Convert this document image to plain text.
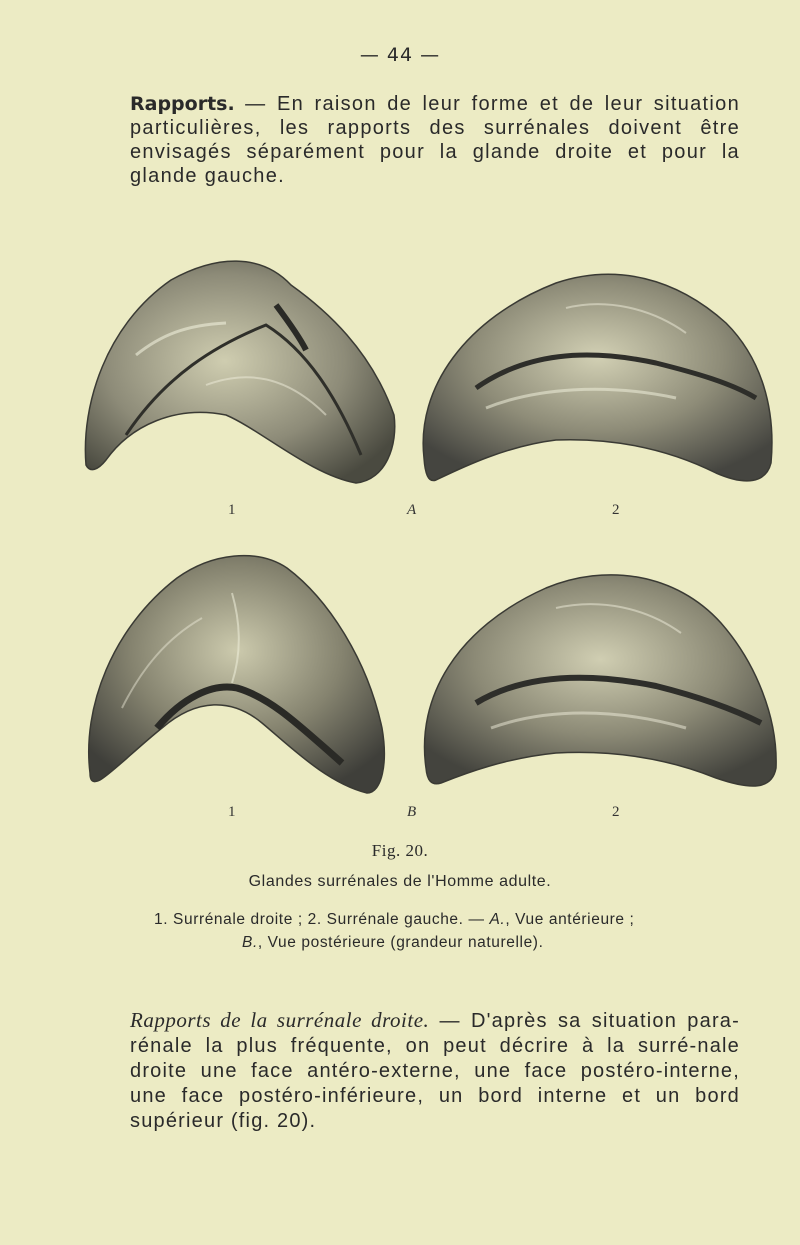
— 44 —

Rapports. — En raison de leur forme et de leur situation particulières, les rapports des surrénales doivent être envisagés séparément pour la glande droite et pour la glande gauche.

1	A	2
1	B	2
Fig. 20.
Glandes surrénales de l'Homme adulte.
1. Surrénale droite ; 2. Surrénale gauche. — A., Vue antérieure ;
B., Vue postérieure (grandeur naturelle).

Rapports de la surrénale droite. — D'après sa situation para-rénale la plus fréquente, on peut décrire à la surré-nale droite une face antéro-externe, une face postéro-interne, une face postéro-inférieure, un bord interne et un bord supérieur (fig. 20).
